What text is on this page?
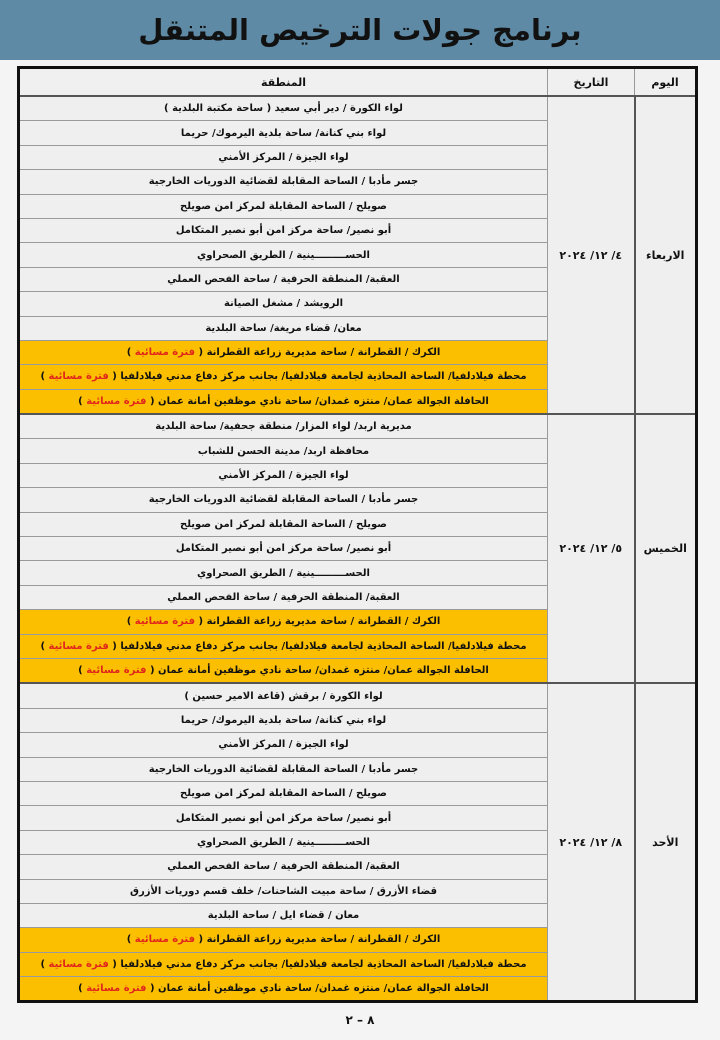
برنامج جولات الترخيص المتنقل
اليوم	التاريخ	المنطقة
الاربعاء	٤/ ١٢/ ٢٠٢٤	لواء الكورة / دير أبي سعيد ( ساحة مكتبة البلدية )
		لواء بني كنانة/ ساحة بلدية اليرموك/ حريما
		لواء الجيزة / المركز الأمني
		جسر مأدبا / الساحة المقابلة لقضائية الدوريات الخارجية
		صويلح / الساحة المقابلة لمركز امن صويلح
		أبو نصير/ ساحة مركز امن أبو نصير المتكامل
		الحســـــــــينية / الطريق الصحراوي
		العقبة/ المنطقة الحرفية / ساحة الفحص العملي
		الرويشد / مشغل الصيانة
		معان/ قضاء مريغة/ ساحة البلدية
		الكرك / القطرانة / ساحة مديرية زراعة القطرانة ( فترة مسائية )
		محطة فيلادلفيا/ الساحة المحاذية لجامعة فيلادلفيا/ بجانب مركز دفاع مدني فيلادلفيا ( فترة مسائية )
		الحافلة الجوالة عمان/ منتزه غمدان/ ساحة نادي موظفين أمانة عمان ( فترة مسائية )
الخميس	٥/ ١٢/ ٢٠٢٤	مديرية اربد/ لواء المزار/ منطقة جحفية/ ساحة البلدية
		محافظة اربد/ مدينة الحسن للشباب
		لواء الجيزة / المركز الأمني
		جسر مأدبا / الساحة المقابلة لقضائية الدوريات الخارجية
		صويلح / الساحة المقابلة لمركز امن صويلح
		أبو نصير/ ساحة مركز امن أبو نصير المتكامل
		الحســـــــــينية / الطريق الصحراوي
		العقبة/ المنطقة الحرفية / ساحة الفحص العملي
		الكرك / القطرانة / ساحة مديرية زراعة القطرانة ( فترة مسائية )
		محطة فيلادلفيا/ الساحة المحاذية لجامعة فيلادلفيا/ بجانب مركز دفاع مدني فيلادلفيا ( فترة مسائية )
		الحافلة الجوالة عمان/ منتزه غمدان/ ساحة نادي موظفين أمانة عمان ( فترة مسائية )
الأحد	٨/ ١٢/ ٢٠٢٤	لواء الكورة / برقش (قاعة الامير حسين )
		لواء بني كنانة/ ساحة بلدية اليرموك/ حريما
		لواء الجيزة / المركز الأمني
		جسر مأدبا / الساحة المقابلة لقضائية الدوريات الخارجية
		صويلح / الساحة المقابلة لمركز امن صويلح
		أبو نصير/ ساحة مركز امن أبو نصير المتكامل
		الحســـــــــينية / الطريق الصحراوي
		العقبة/ المنطقة الحرفية / ساحة الفحص العملي
		قضاء الأزرق / ساحة مبيت الشاحنات/ خلف قسم دوريات الأزرق
		معان / قضاء ايل / ساحة البلدية
		الكرك / القطرانة / ساحة مديرية زراعة القطرانة ( فترة مسائية )
		محطة فيلادلفيا/ الساحة المحاذية لجامعة فيلادلفيا/ بجانب مركز دفاع مدني فيلادلفيا ( فترة مسائية )
		الحافلة الجوالة عمان/ منتزه غمدان/ ساحة نادي موظفين أمانة عمان ( فترة مسائية )
٨ – ٢
